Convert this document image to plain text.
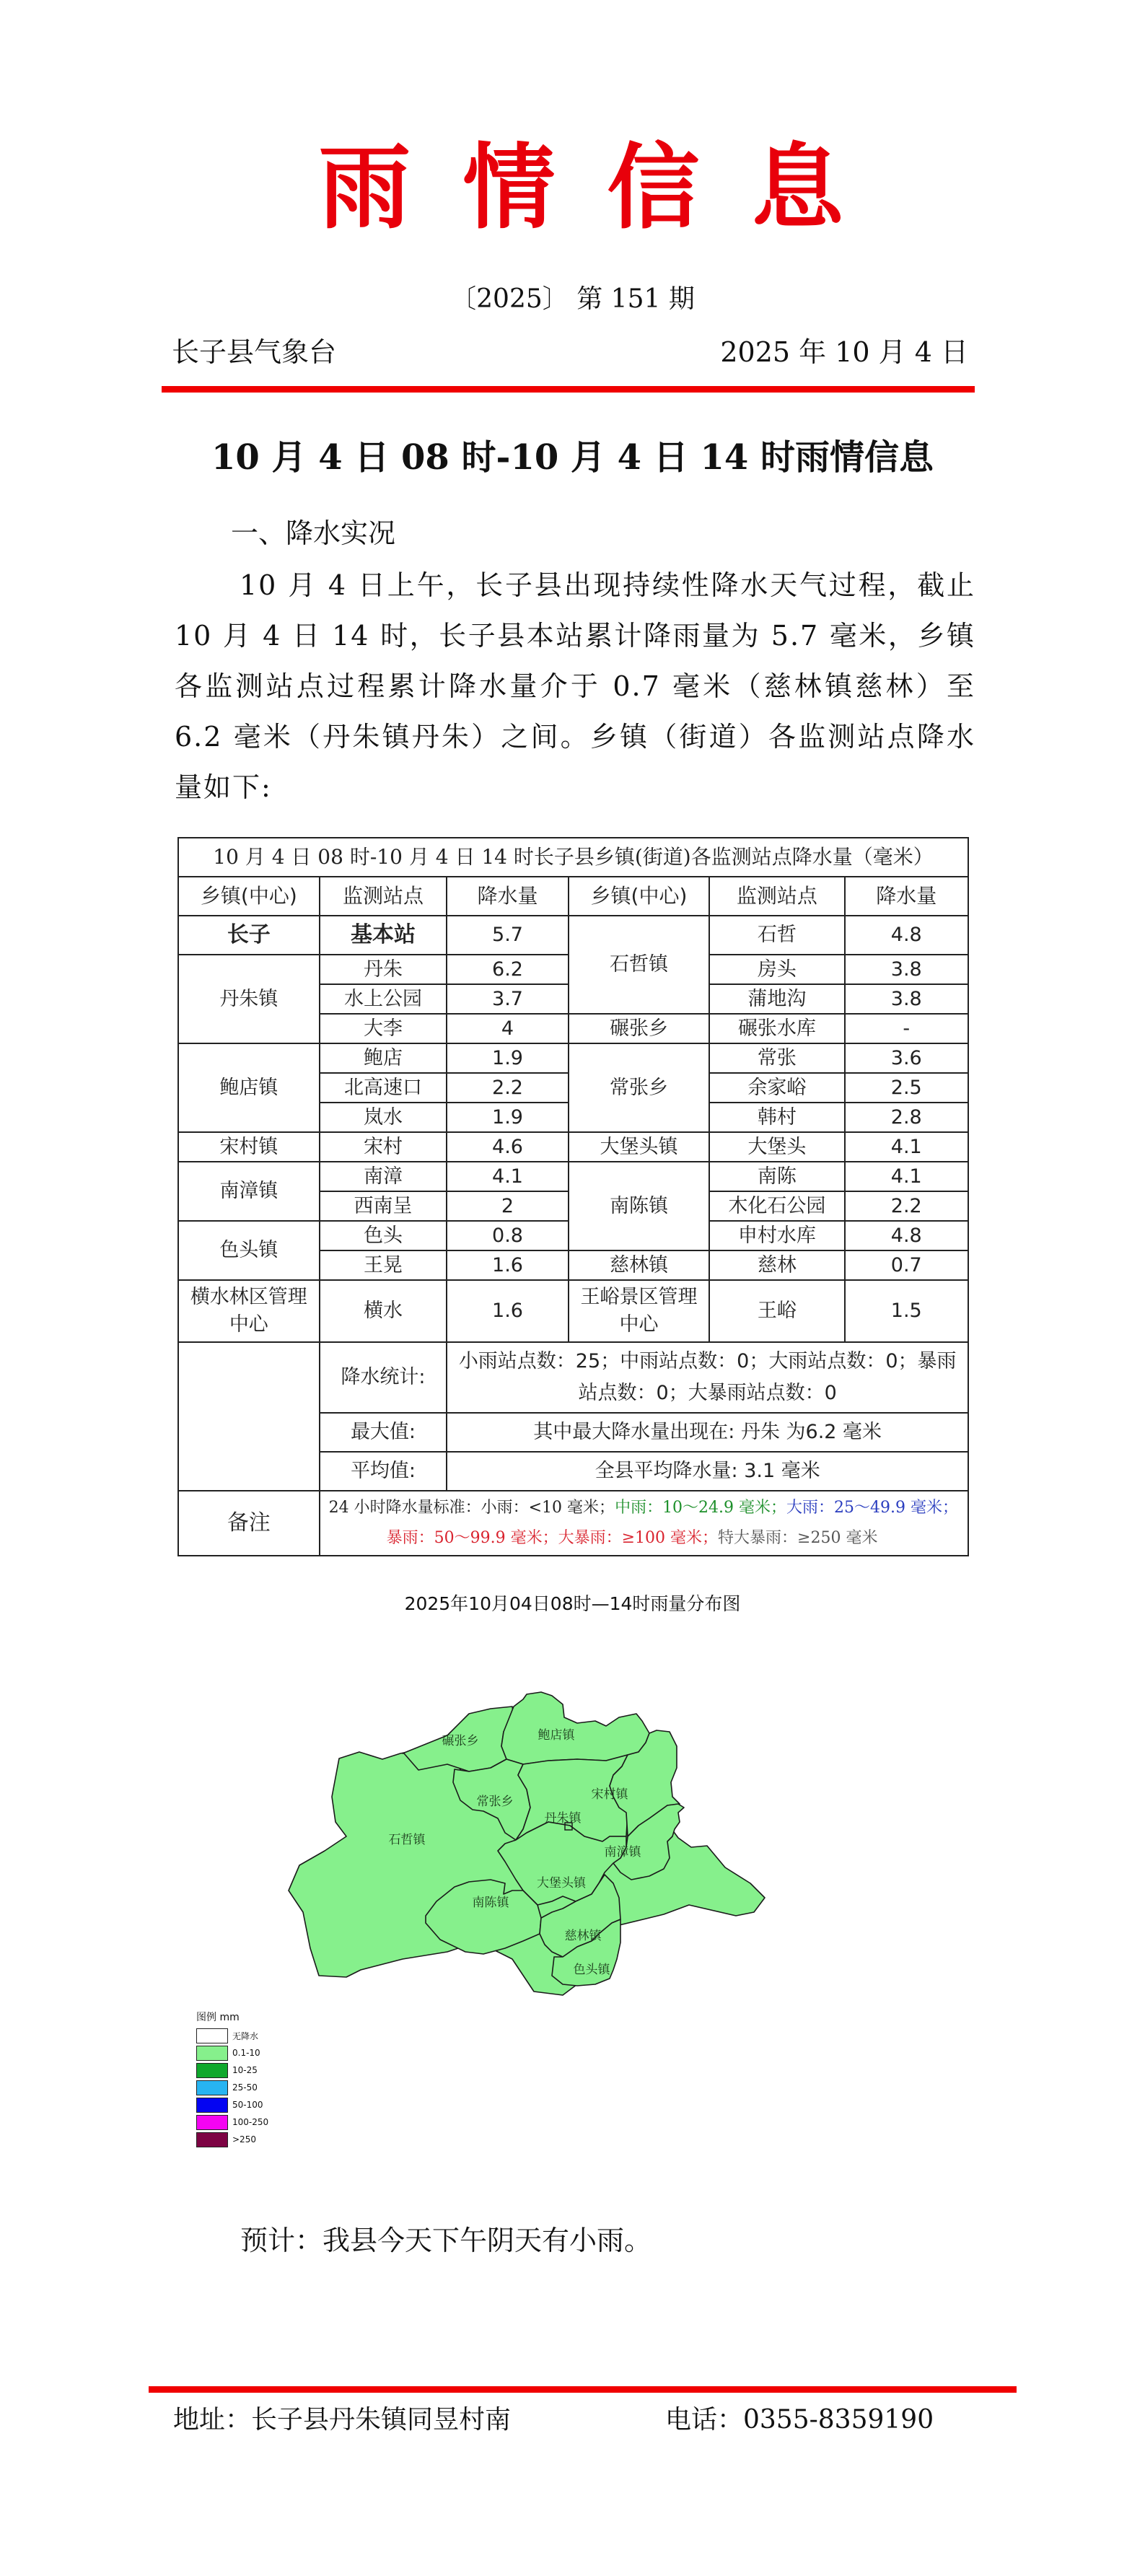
雨 情 信 息
〔2025〕 第 151 期
长子县气象台	2025 年 10 月 4 日
10 月 4 日 08 时-10 月 4 日 14 时雨情信息
一、降水实况
10 月 4 日上午，长子县出现持续性降水天气过程，截止 10 月 4 日 14 时，长子县本站累计降雨量为 5.7 毫米，乡镇各监测站点过程累计降水量介于 0.7 毫米（慈林镇慈林）至 6.2 毫米（丹朱镇丹朱）之间。乡镇（街道）各监测站点降水量如下:
10 月 4 日 08 时-10 月 4 日 14 时长子县乡镇(街道)各监测站点降水量（毫米）					
乡镇(中心)	监测站点	降水量	乡镇(中心)	监测站点	降水量
长子	基本站	5.7	石哲镇	石哲	4.8
丹朱镇	丹朱	6.2		房头	3.8
	水上公园	3.7		蒲地沟	3.8
	大李	4	碾张乡	碾张水库	-
鲍店镇	鲍店	1.9	常张乡	常张	3.6
	北高速口	2.2		余家峪	2.5
	岚水	1.9		韩村	2.8
宋村镇	宋村	4.6	大堡头镇	大堡头	4.1
南漳镇	南漳	4.1	南陈镇	南陈	4.1
	西南呈	2		木化石公园	2.2
色头镇	色头	0.8		申村水库	4.8
	王晃	1.6	慈林镇	慈林	0.7
横水林区管理中心	横水	1.6	王峪景区管理中心	王峪	1.5
	降水统计:	小雨站点数：25；中雨站点数：0；大雨站点数：0；暴雨站点数：0；大暴雨站点数：0			
	最大值:	其中最大降水量出现在: 丹朱 为6.2 毫米			
	平均值:	全县平均降水量: 3.1 毫米			
备注	24 小时降水量标准：小雨：<10 毫米；中雨：10～24.9 毫米；大雨：25～49.9 毫米；
暴雨：50～99.9 毫米；大暴雨：≥100 毫米；特大暴雨：≥250 毫米				
2025年10月04日08时—14时雨量分布图
碾张乡	鲍店镇
宋村镇
常张乡
丹朱镇
石哲镇
南漳镇
大堡头镇
南陈镇
慈林镇
色头镇
图例 mm
无降水
0.1-10
10-25
25-50
50-100
100-250
>250
预计：我县今天下午阴天有小雨。
地址：长子县丹朱镇同昱村南	电话：0355-8359190
